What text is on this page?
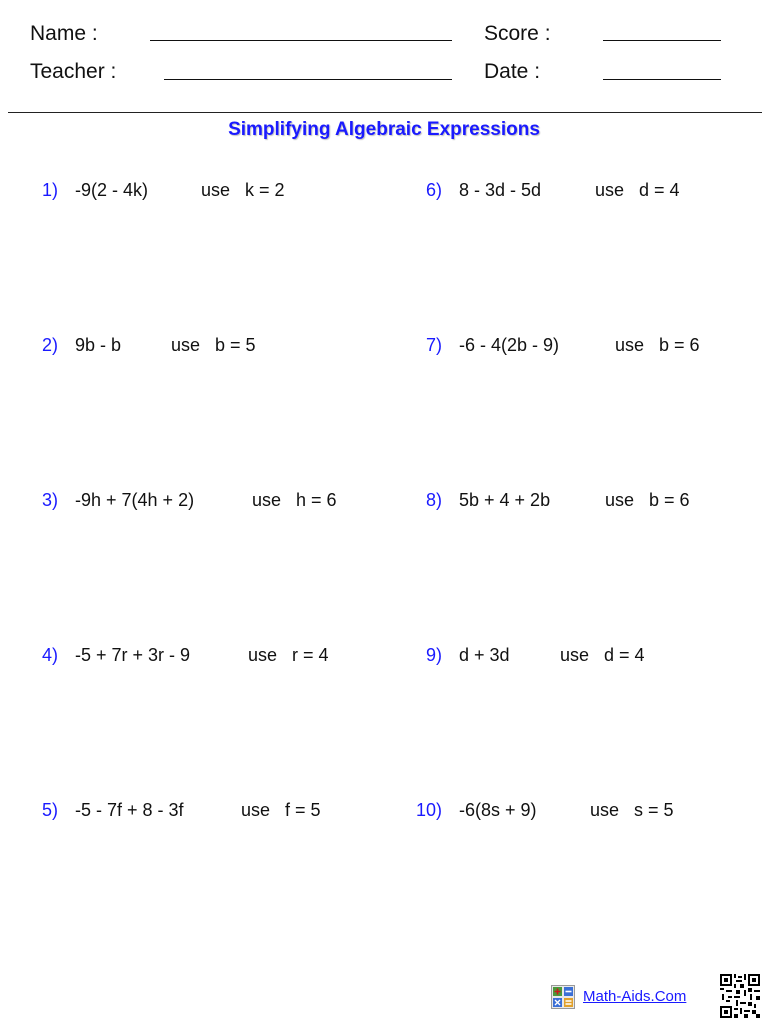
Name :
Teacher :
Score :
Date :
Simplifying Algebraic Expressions
1) -9(2 - 4k)	use   k = 2
2) 9b - b	use   b = 5
3) -9h + 7(4h + 2)	use   h = 6
4) -5 + 7r + 3r - 9	use   r = 4
5) -5 - 7f + 8 - 3f	use   f = 5
6) 8 - 3d - 5d	use   d = 4
7) -6 - 4(2b - 9)	use   b = 6
8) 5b + 4 + 2b	use   b = 6
9) d + 3d	use   d = 4
10) -6(8s + 9)	use   s = 5
Math-Aids.Com
